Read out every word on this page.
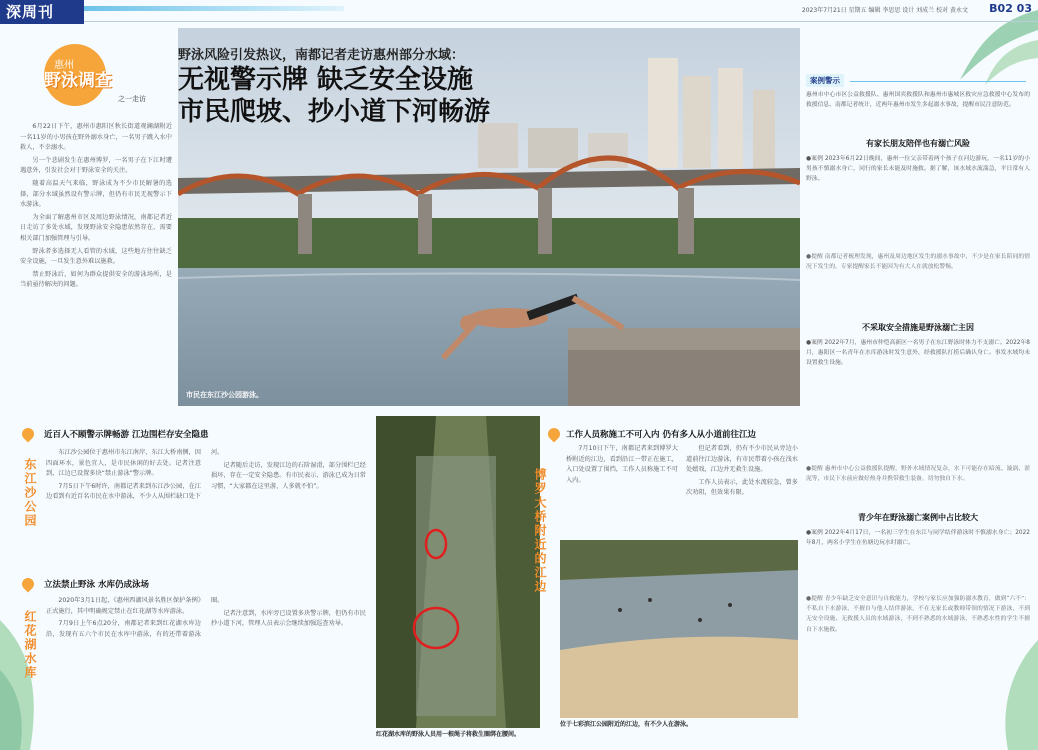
深周刊	2023年7月21日 星期五 编辑 李思思 设计 刘成兰 校对 黄永文 B02 03
惠州
野泳调查
之一走访

6月22日下午，惠州市惠阳区秋长街道观澜湖附近一名11岁的小男孩在野外溺水身亡，一名男子跳入水中救人，不幸溺水。

另一个悲剧发生在惠州博罗，一名男子在下江时遭遇意外，引发社会对于野泳安全的关注。

随着高温天气来临，野泳成为不少市民解暑的选择，部分水域虽然设有警示牌，但仍有市民无视警示下水游泳。

为全面了解惠州市区及周边野泳情况，南都记者近日走访了多处水域，发现野泳安全隐患依然存在，需要相关部门加强管理与引导。

野泳者多选择无人看管的水域，这些地方往往缺乏安全设施，一旦发生意外难以施救。

禁止野泳后，如何为群众提供安全的游泳场所，是当前亟待解决的问题。

野泳风险引发热议，南都记者走访惠州部分水域：
无视警示牌 缺乏安全设施
市民爬坡、抄小道下河畅游
市民在东江沙公园游泳。
近百人不顾警示牌畅游 江边围栏存安全隐患
东江沙公园

东江沙公园位于惠州市东江南岸，东江大桥南侧，因四面环水，景色宜人，是市民休闲的好去处。记者注意到，江边已设置多块“禁止游泳”警示牌。

7月5日下午6时许，南都记者来到东江沙公园，在江边看到有近百名市民在水中游泳，不少人从围栏缺口处下河。

记者随后走访，发现江边的石阶湿滑，部分围栏已经损坏，存在一定安全隐患。有市民表示，游泳已成为日常习惯，“大家都在这里游，人多就不怕”。

立法禁止野泳 水库仍成泳场
红花湖水库

2020年3月1日起，《惠州西湖风景名胜区保护条例》正式施行，其中明确规定禁止在红花湖等水库游泳。

7月9日上午6点20分，南都记者来到红花湖水库边沿，发现有五六个市民在水库中游泳，有的还带着游泳圈。

记者注意到，水库旁已设置多块警示牌，但仍有市民抄小道下河，管理人员表示会继续加强巡查劝导。

红花湖水库的野泳人员用一根绳子将救生圈绑在腰间。
工作人员称施工不可入内 仍有多人从小道前往江边
博罗大桥附近的江边

7月10日下午，南都记者来到博罗大桥附近的江边，看到沿江一带正在施工，入口处设置了围挡，工作人员称施工不可入内。

但记者看到，仍有不少市民从旁边小道前往江边游泳，有市民带着小孩在浅水处嬉戏，江边并无救生设施。

工作人员表示，此处水流较急，曾多次劝阻，但效果有限。

位于七彩滨江公园附近的江边，有不少人在游泳。
案例警示
惠州市中心市区公益救援队、惠州国宾救援队和惠州市惠城区救灾应急救援中心发布的救援信息、南都记者统计，近两年惠州市发生多起溺水事故，提醒市民注意防范。
有家长朋友陪伴也有溺亡风险
●案例 2023年6月22日晚间，惠州一位父亲带着两个孩子在河边游玩，一名11岁的小男孩不慎溺水身亡，同行的家长未能及时施救。据了解，该水域水流湍急，平日常有人野泳。
●提醒 南都记者梳理发现，惠州及周边地区发生的溺水事故中，不少是在家长陪同的情况下发生的，专家提醒家长不能因为有大人在就放松警惕。
不采取安全措施是野泳溺亡主因
●案例 2022年7月，惠州市仲恺高新区一名男子在东江野泳时体力不支溺亡。2022年8月，惠阳区一名青年在水库游泳时发生意外，经救援队打捞后确认身亡。事发水域均未设置救生设施。
●提醒 惠州市中心公益救援队提醒，野外水域情况复杂，水下可能存在暗流、漩涡、淤泥等，市民下水前应做好热身并携带救生装备，切勿独自下水。
青少年在野泳溺亡案例中占比较大
●案例 2022年4月17日，一名初三学生在东江与同学结伴游泳时不慎溺水身亡；2022年8月，两名小学生在鱼塘边玩水时溺亡。
●提醒 青少年缺乏安全意识与自救能力，学校与家长应加强防溺水教育，做到“六不”：不私自下水游泳，不擅自与他人结伴游泳，不在无家长或教师带领的情况下游泳，不到无安全设施、无救援人员的水域游泳，不到不熟悉的水域游泳，不熟悉水性的学生不擅自下水施救。
